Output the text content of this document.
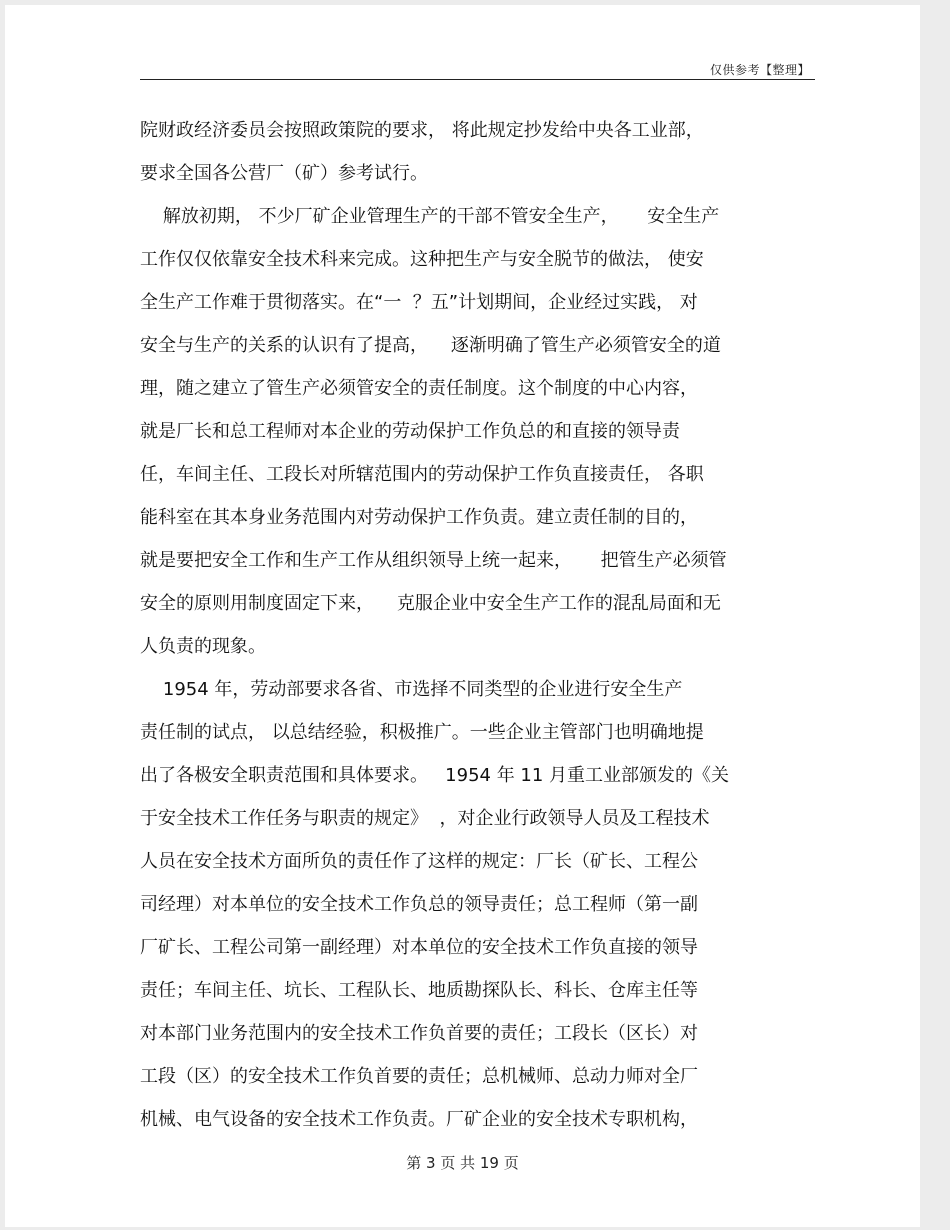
仅供参考【整理】
院财政经济委员会按照政策院的要求， 将此规定抄发给中央各工业部，
要求全国各公营厂（矿）参考试行。
解放初期， 不少厂矿企业管理生产的干部不管安全生产，     安全生产
工作仅仅依靠安全技术科来完成。这种把生产与安全脱节的做法， 使安
全生产工作难于贯彻落实。在“一  ？五”计划期间，企业经过实践， 对
安全与生产的关系的认识有了提高，    逐渐明确了管生产必须管安全的道
理，随之建立了管生产必须管安全的责任制度。这个制度的中心内容，
就是厂长和总工程师对本企业的劳动保护工作负总的和直接的领导责
任，车间主任、工段长对所辖范围内的劳动保护工作负直接责任， 各职
能科室在其本身业务范围内对劳动保护工作负责。建立责任制的目的，
就是要把安全工作和生产工作从组织领导上统一起来，     把管生产必须管
安全的原则用制度固定下来，    克服企业中安全生产工作的混乱局面和无
人负责的现象。
1954 年，劳动部要求各省、市选择不同类型的企业进行安全生产
责任制的试点， 以总结经验，积极推广。一些企业主管部门也明确地提
出了各极安全职责范围和具体要求。   1954 年 11 月重工业部颁发的《关
于安全技术工作任务与职责的规定》  ，对企业行政领导人员及工程技术
人员在安全技术方面所负的责任作了这样的规定：厂长（矿长、工程公
司经理）对本单位的安全技术工作负总的领导责任；总工程师（第一副
厂矿长、工程公司第一副经理）对本单位的安全技术工作负直接的领导
责任；车间主任、坑长、工程队长、地质勘探队长、科长、仓库主任等
对本部门业务范围内的安全技术工作负首要的责任；工段长（区长）对
工段（区）的安全技术工作负首要的责任；总机械师、总动力师对全厂
机械、电气设备的安全技术工作负责。厂矿企业的安全技术专职机构，
第 3 页 共 19 页
